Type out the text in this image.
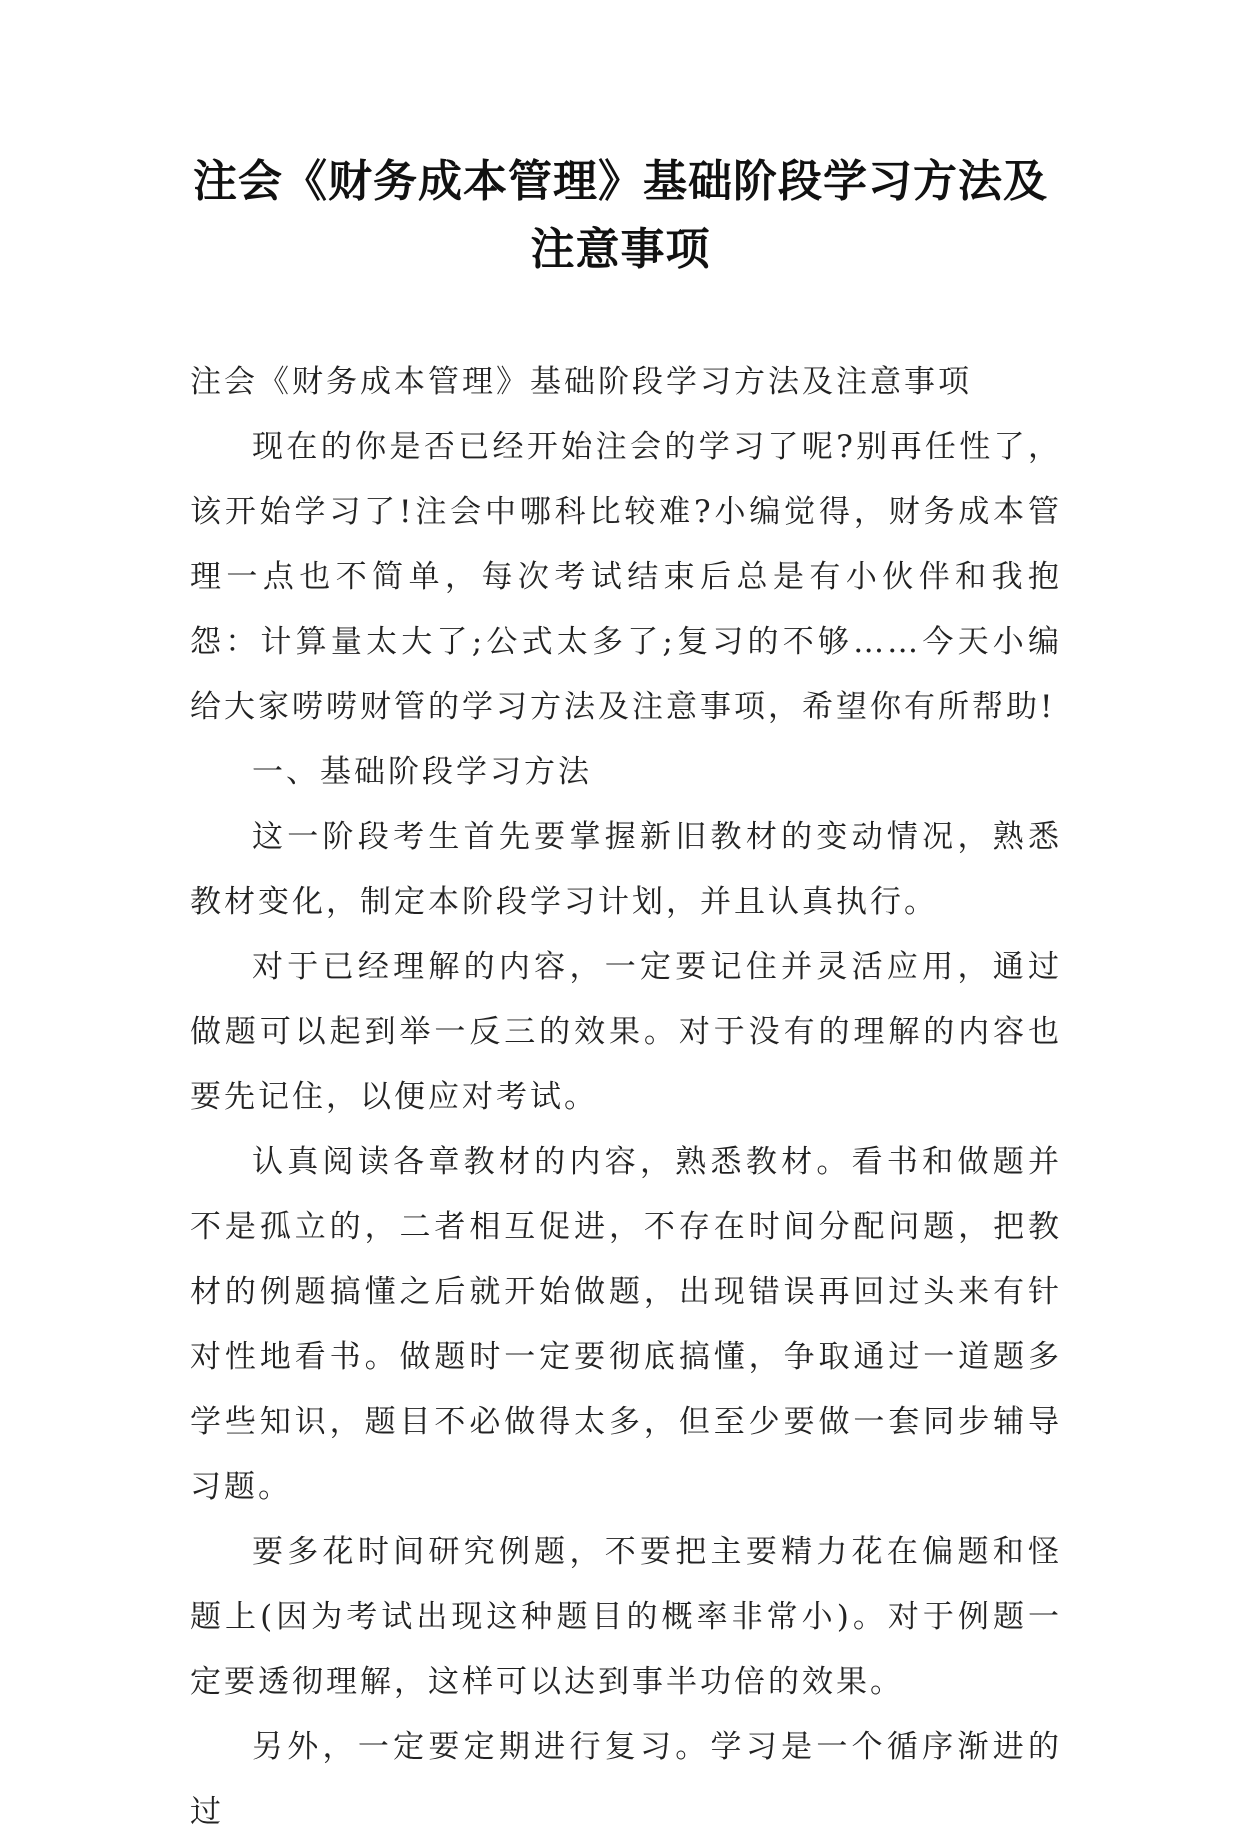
注会《财务成本管理》基础阶段学习方法及注意事项

注会《财务成本管理》基础阶段学习方法及注意事项

现在的你是否已经开始注会的学习了呢?别再任性了，该开始学习了!注会中哪科比较难?小编觉得，财务成本管理一点也不简单，每次考试结束后总是有小伙伴和我抱怨：计算量太大了;公式太多了;复习的不够……今天小编给大家唠唠财管的学习方法及注意事项，希望你有所帮助!

一、基础阶段学习方法

这一阶段考生首先要掌握新旧教材的变动情况，熟悉教材变化，制定本阶段学习计划，并且认真执行。

对于已经理解的内容，一定要记住并灵活应用，通过做题可以起到举一反三的效果。对于没有的理解的内容也要先记住，以便应对考试。

认真阅读各章教材的内容，熟悉教材。看书和做题并不是孤立的，二者相互促进，不存在时间分配问题，把教材的例题搞懂之后就开始做题，出现错误再回过头来有针对性地看书。做题时一定要彻底搞懂，争取通过一道题多学些知识，题目不必做得太多，但至少要做一套同步辅导习题。

要多花时间研究例题，不要把主要精力花在偏题和怪题上(因为考试出现这种题目的概率非常小)。对于例题一定要透彻理解，这样可以达到事半功倍的效果。

另外，一定要定期进行复习。学习是一个循序渐进的过
